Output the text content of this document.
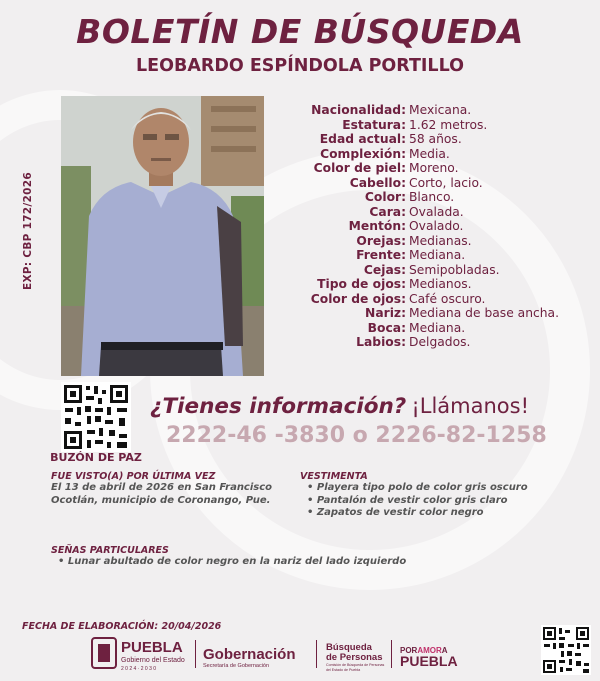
BOLETÍN DE BÚSQUEDA
LEOBARDO ESPÍNDOLA PORTILLO
EXP: CBP 172/2026
Nacionalidad: Mexicana.
Estatura: 1.62 metros.
Edad actual: 58 años.
Complexión: Media.
Color de piel: Moreno.
Cabello: Corto, lacio.
Color: Blanco.
Cara: Ovalada.
Mentón: Ovalado.
Orejas: Medianas.
Frente: Mediana.
Cejas: Semipobladas.
Tipo de ojos: Medianos.
Color de ojos: Café oscuro.
Nariz: Mediana de base ancha.
Boca: Mediana.
Labios: Delgados.
BUZÓN DE PAZ
¿Tienes información? ¡Llámanos!
2222-46 -3830 o 2226-82-1258
FUE VISTO(A) POR ÚLTIMA VEZ
El 13 de abril de 2026 en San Francisco
Ocotlán, municipio de Coronango, Pue.
VESTIMENTA
• Playera tipo polo de color gris oscuro
• Pantalón de vestir color gris claro
• Zapatos de vestir color negro
SEÑAS PARTICULARES
• Lunar abultado de color negro en la nariz del lado izquierdo
FECHA DE ELABORACIÓN: 20/04/2026
PUEBLA
Gobierno del Estado
2 0 2 4 · 2 0 3 0
Gobernación
Secretaría de Gobernación
Búsqueda
de Personas
Comisión de Búsqueda de Personas
del Estado de Puebla
PORAMORA
PUEBLA
